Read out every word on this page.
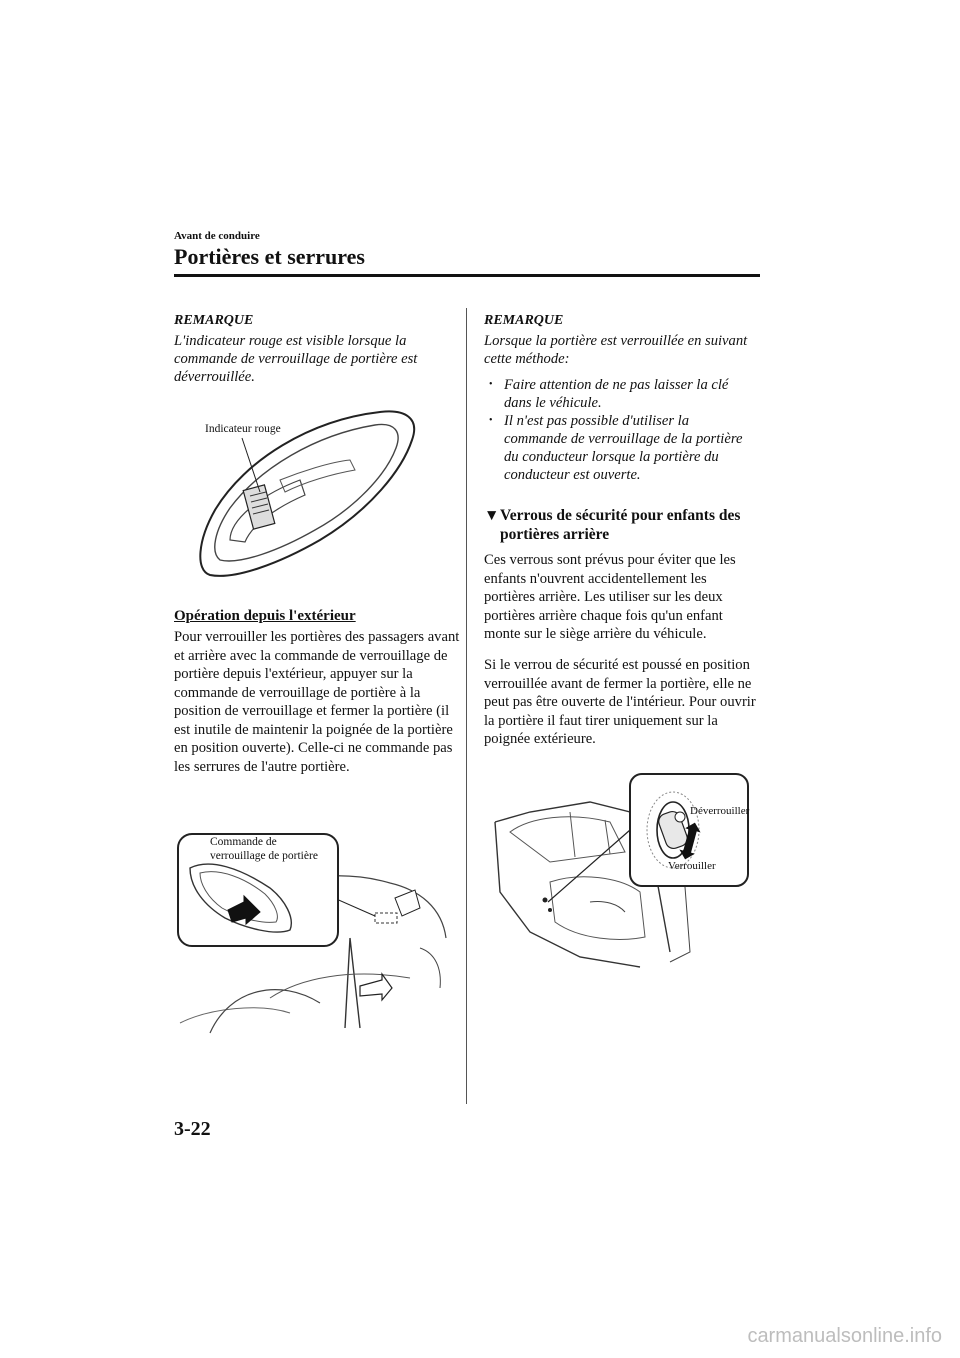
Avant de conduire
Portières et serrures
REMARQUE
L'indicateur rouge est visible lorsque la commande de verrouillage de portière est déverrouillée.
Indicateur rouge
Opération depuis l'extérieur
Pour verrouiller les portières des passagers avant et arrière avec la commande de verrouillage de portière depuis l'extérieur, appuyer sur la commande de verrouillage de portière à la position de verrouillage et fermer la portière (il est inutile de maintenir la poignée de la portière en position ouverte). Celle-ci ne commande pas les serrures de l'autre portière.
Commande de
verrouillage de portière
REMARQUE
Lorsque la portière est verrouillée en suivant cette méthode:
• Faire attention de ne pas laisser la clé dans le véhicule.
• Il n'est pas possible d'utiliser la commande de verrouillage de la portière du conducteur lorsque la portière du conducteur est ouverte.
▼ Verrous de sécurité pour enfants des portières arrière
Ces verrous sont prévus pour éviter que les enfants n'ouvrent accidentellement les portières arrière. Les utiliser sur les deux portières arrière chaque fois qu'un enfant monte sur le siège arrière du véhicule.
Si le verrou de sécurité est poussé en position verrouillée avant de fermer la portière, elle ne peut pas être ouverte de l'intérieur. Pour ouvrir la portière il faut tirer uniquement sur la poignée extérieure.
Déverrouiller
Verrouiller
3-22
carmanualsonline.info
